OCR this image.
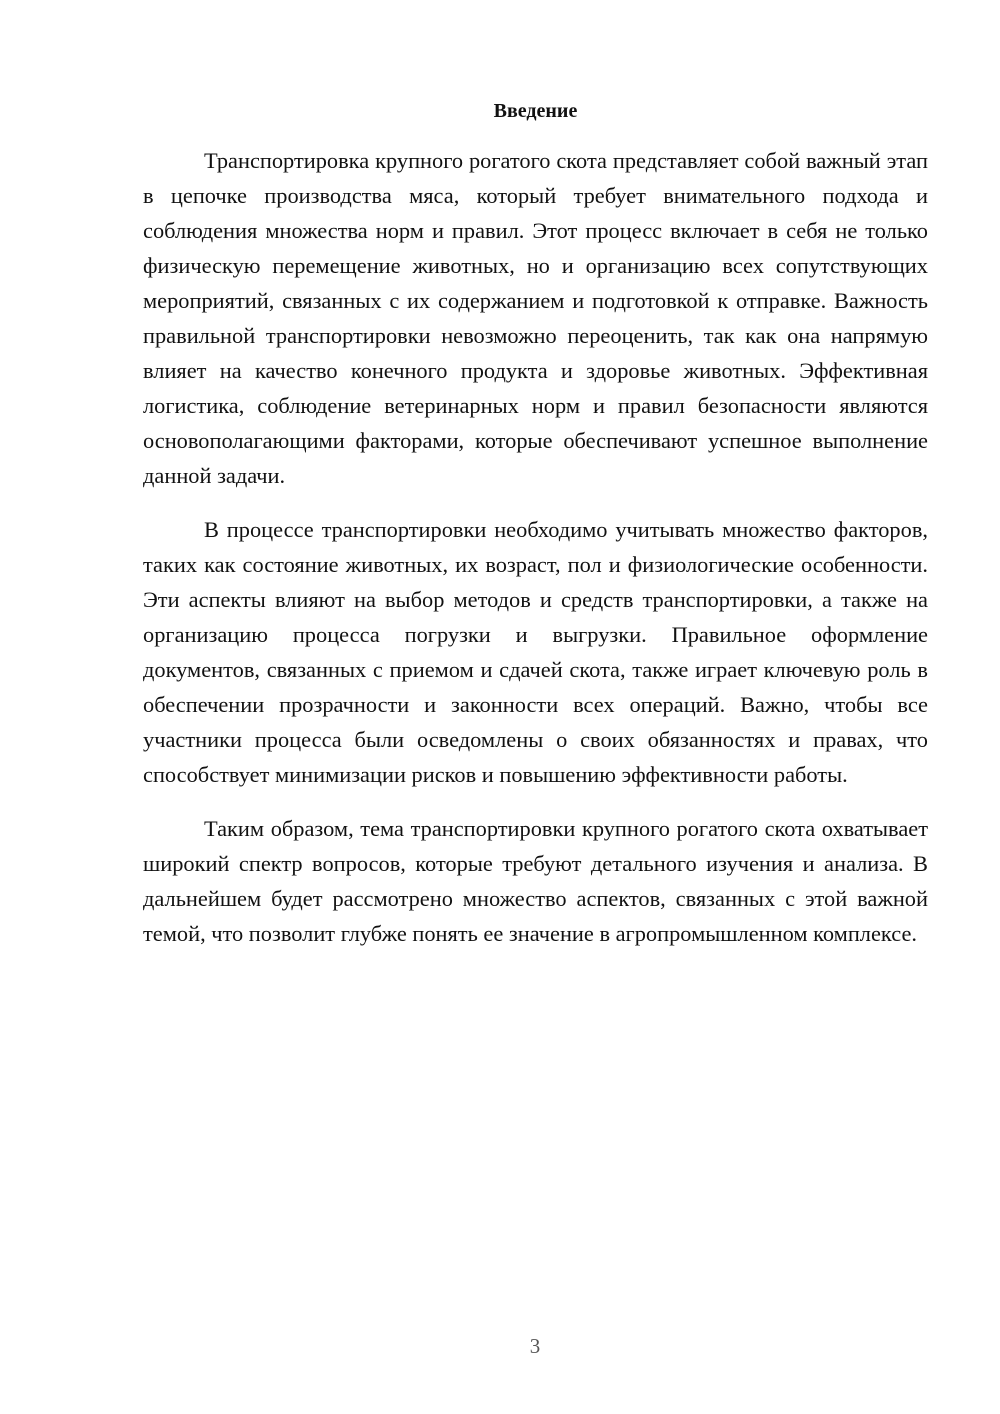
Введение

Транспортировка крупного рогатого скота представляет собой важный этап в цепочке производства мяса, который требует внимательного подхода и соблюдения множества норм и правил. Этот процесс включает в себя не только физическую перемещение животных, но и организацию всех сопутствующих мероприятий, связанных с их содержанием и подготовкой к отправке. Важность правильной транспортировки невозможно переоценить, так как она напрямую влияет на качество конечного продукта и здоровье животных. Эффективная логистика, соблюдение ветеринарных норм и правил безопасности являются основополагающими факторами, которые обеспечивают успешное выполнение данной задачи.

В процессе транспортировки необходимо учитывать множество факторов, таких как состояние животных, их возраст, пол и физиологические особенности. Эти аспекты влияют на выбор методов и средств транспортировки, а также на организацию процесса погрузки и выгрузки. Правильное оформление документов, связанных с приемом и сдачей скота, также играет ключевую роль в обеспечении прозрачности и законности всех операций. Важно, чтобы все участники процесса были осведомлены о своих обязанностях и правах, что способствует минимизации рисков и повышению эффективности работы.

Таким образом, тема транспортировки крупного рогатого скота охватывает широкий спектр вопросов, которые требуют детального изучения и анализа. В дальнейшем будет рассмотрено множество аспектов, связанных с этой важной темой, что позволит глубже понять ее значение в агропромышленном комплексе.

3
